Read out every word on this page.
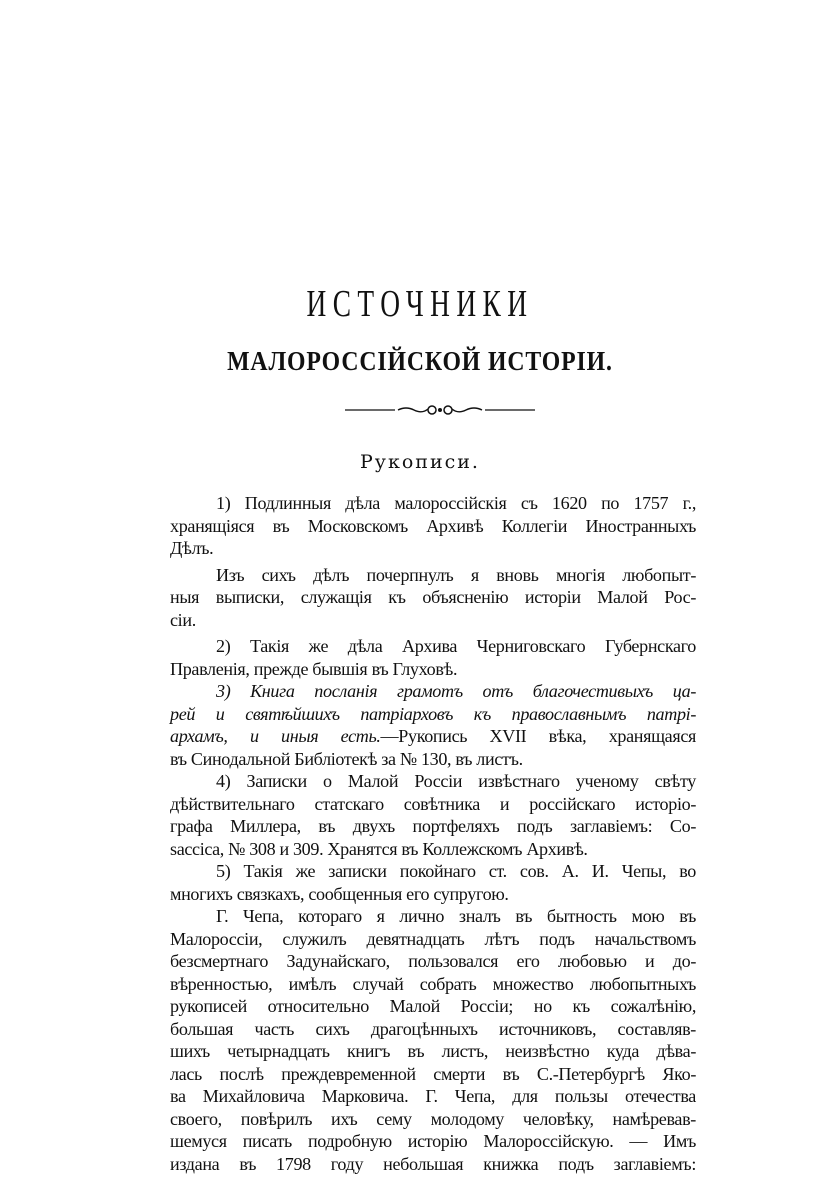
ИСТОЧНИКИ
МАЛОРОССІЙСКОЙ ИСТОРІИ.
Рукописи.
1) Подлинныя дѣла малороссійскія съ 1620 по 1757 г.,
хранящіяся въ Московскомъ Архивѣ Коллегіи Иностранныхъ
Дѣлъ.
Изъ сихъ дѣлъ почерпнулъ я вновь многія любопыт-
ныя выписки, служащія къ объясненію исторіи Малой Рос-
сіи.
2) Такія же дѣла Архива Черниговскаго Губернскаго
Правленія, прежде бывшія въ Глуховѣ.
3) Книга посланія грамотъ отъ благочестивыхъ ца-
рей и святѣйшихъ патріарховъ къ православнымъ патрі-
архамъ, и иныя есть.—Рукопись XVII вѣка, хранящаяся
въ Синодальной Библіотекѣ за № 130, въ листъ.
4) Записки о Малой Россіи извѣстнаго ученому свѣту
дѣйствительнаго статскаго совѣтника и россійскаго исторіо-
графа Миллера, въ двухъ портфеляхъ подъ заглавіемъ: Co-
saccica, № 308 и 309. Хранятся въ Коллежскомъ Архивѣ.
5) Такія же записки покойнаго ст. сов. А. И. Чепы, во
многихъ связкахъ, сообщенныя его супругою.
Г. Чепа, котораго я лично зналъ въ бытность мою въ
Малороссіи, служилъ девятнадцать лѣтъ подъ начальствомъ
безсмертнаго Задунайскаго, пользовался его любовью и до-
вѣренностью, имѣлъ случай собрать множество любопытныхъ
рукописей относительно Малой Россіи; но къ сожалѣнію,
большая часть сихъ драгоцѣнныхъ источниковъ, составляв-
шихъ четырнадцать книгъ въ листъ, неизвѣстно куда дѣва-
лась послѣ преждевременной смерти въ С.-Петербургѣ Яко-
ва Михайловича Марковича. Г. Чепа, для пользы отечества
своего, повѣрилъ ихъ сему молодому человѣку, намѣревав-
шемуся писать подробную исторію Малороссійскую. — Имъ
издана въ 1798 году небольшая книжка подъ заглавіемъ:
